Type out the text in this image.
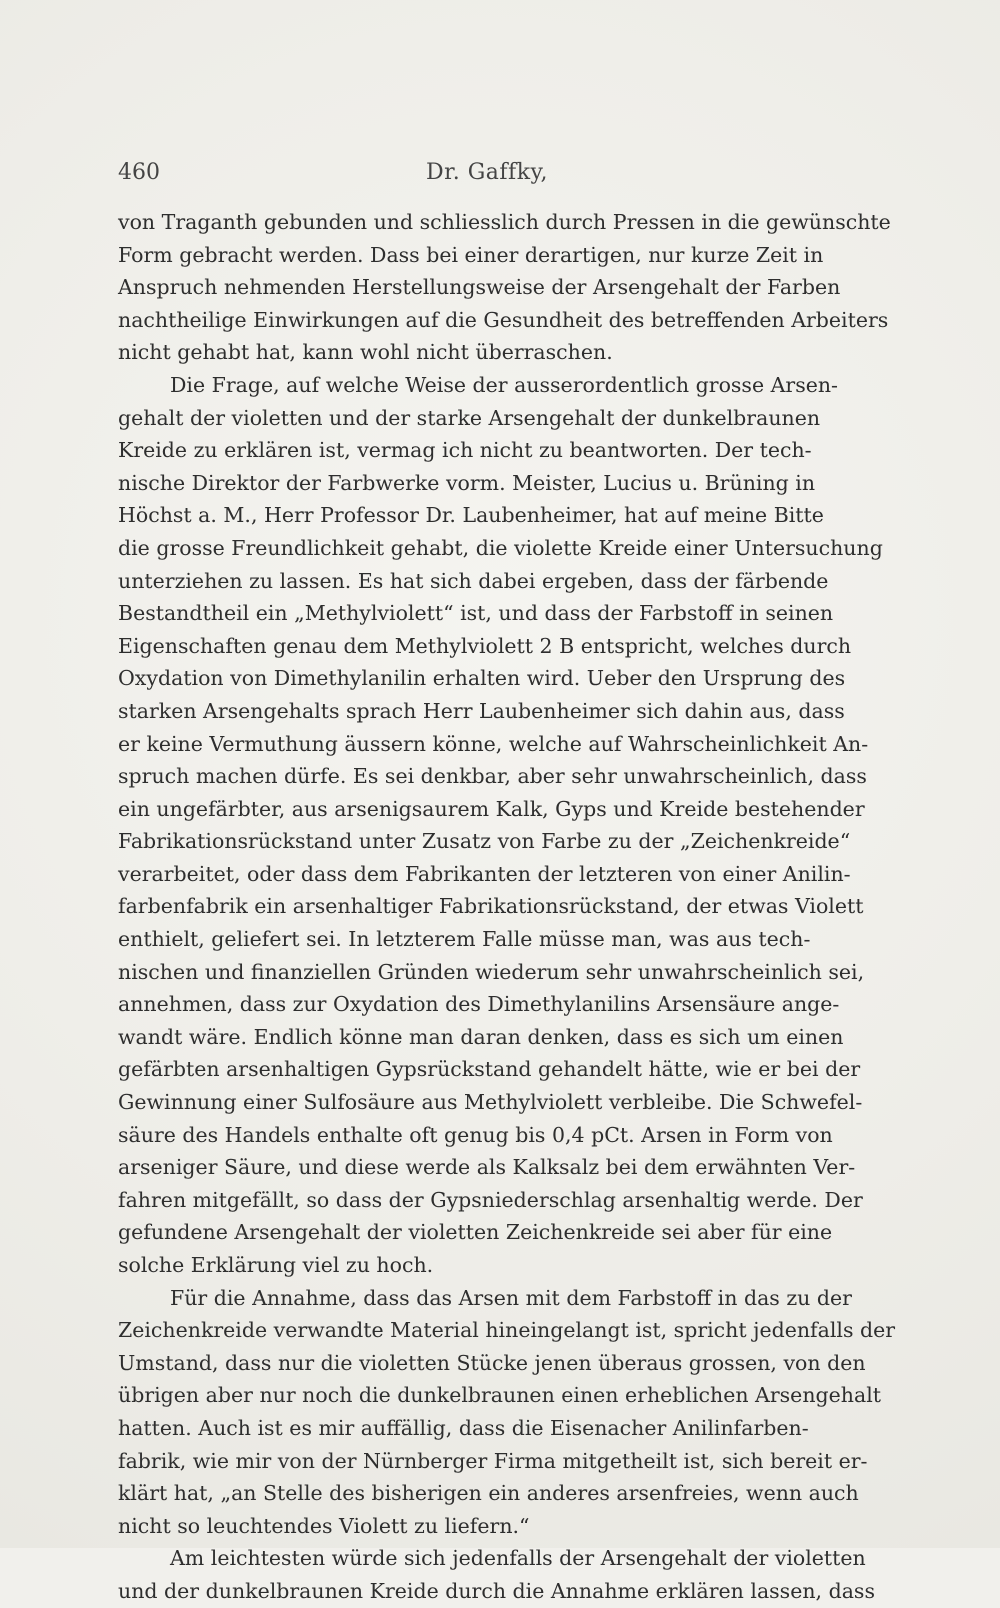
460	Dr. Gaffky,
von Traganth gebunden und schliesslich durch Pressen in die gewünschte
Form gebracht werden. Dass bei einer derartigen, nur kurze Zeit in
Anspruch nehmenden Herstellungsweise der Arsengehalt der Farben
nachtheilige Einwirkungen auf die Gesundheit des betreffenden Arbeiters
nicht gehabt hat, kann wohl nicht überraschen.
Die Frage, auf welche Weise der ausserordentlich grosse Arsen-
gehalt der violetten und der starke Arsengehalt der dunkelbraunen
Kreide zu erklären ist, vermag ich nicht zu beantworten. Der tech-
nische Direktor der Farbwerke vorm. Meister, Lucius u. Brüning in
Höchst a. M., Herr Professor Dr. Laubenheimer, hat auf meine Bitte
die grosse Freundlichkeit gehabt, die violette Kreide einer Untersuchung
unterziehen zu lassen. Es hat sich dabei ergeben, dass der färbende
Bestandtheil ein „Methylviolett“ ist, und dass der Farbstoff in seinen
Eigenschaften genau dem Methylviolett 2 B entspricht, welches durch
Oxydation von Dimethylanilin erhalten wird. Ueber den Ursprung des
starken Arsengehalts sprach Herr Laubenheimer sich dahin aus, dass
er keine Vermuthung äussern könne, welche auf Wahrscheinlichkeit An-
spruch machen dürfe. Es sei denkbar, aber sehr unwahrscheinlich, dass
ein ungefärbter, aus arsenigsaurem Kalk, Gyps und Kreide bestehender
Fabrikationsrückstand unter Zusatz von Farbe zu der „Zeichenkreide“
verarbeitet, oder dass dem Fabrikanten der letzteren von einer Anilin-
farbenfabrik ein arsenhaltiger Fabrikationsrückstand, der etwas Violett
enthielt, geliefert sei. In letzterem Falle müsse man, was aus tech-
nischen und finanziellen Gründen wiederum sehr unwahrscheinlich sei,
annehmen, dass zur Oxydation des Dimethylanilins Arsensäure ange-
wandt wäre. Endlich könne man daran denken, dass es sich um einen
gefärbten arsenhaltigen Gypsrückstand gehandelt hätte, wie er bei der
Gewinnung einer Sulfosäure aus Methylviolett verbleibe. Die Schwefel-
säure des Handels enthalte oft genug bis 0,4 pCt. Arsen in Form von
arseniger Säure, und diese werde als Kalksalz bei dem erwähnten Ver-
fahren mitgefällt, so dass der Gypsniederschlag arsenhaltig werde. Der
gefundene Arsengehalt der violetten Zeichenkreide sei aber für eine
solche Erklärung viel zu hoch.
Für die Annahme, dass das Arsen mit dem Farbstoff in das zu der
Zeichenkreide verwandte Material hineingelangt ist, spricht jedenfalls der
Umstand, dass nur die violetten Stücke jenen überaus grossen, von den
übrigen aber nur noch die dunkelbraunen einen erheblichen Arsengehalt
hatten. Auch ist es mir auffällig, dass die Eisenacher Anilinfarben-
fabrik, wie mir von der Nürnberger Firma mitgetheilt ist, sich bereit er-
klärt hat, „an Stelle des bisherigen ein anderes arsenfreies, wenn auch
nicht so leuchtendes Violett zu liefern.“
Am leichtesten würde sich jedenfalls der Arsengehalt der violetten
und der dunkelbraunen Kreide durch die Annahme erklären lassen, dass
